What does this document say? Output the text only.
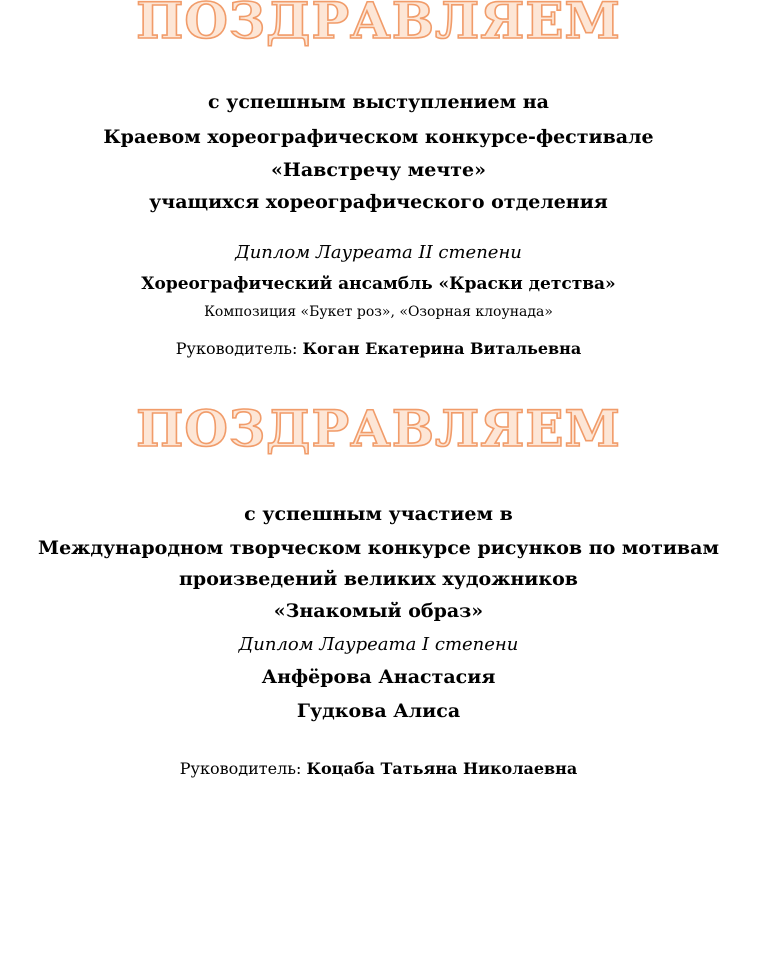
ПОЗДРАВЛЯЕМ
с успешным выступлением на
Краевом хореографическом конкурсе-фестивале
«Навстречу мечте»
учащихся хореографического отделения
Диплом Лауреата II степени
Хореографический ансамбль «Краски детства»
Композиция «Букет роз», «Озорная клоунада»
Руководитель: Коган Екатерина Витальевна
ПОЗДРАВЛЯЕМ
с успешным участием в
Международном творческом конкурсе рисунков по мотивам
произведений великих художников
«Знакомый образ»
Диплом Лауреата I степени
Анфёрова Анастасия
Гудкова Алиса
Руководитель: Коцаба Татьяна Николаевна
